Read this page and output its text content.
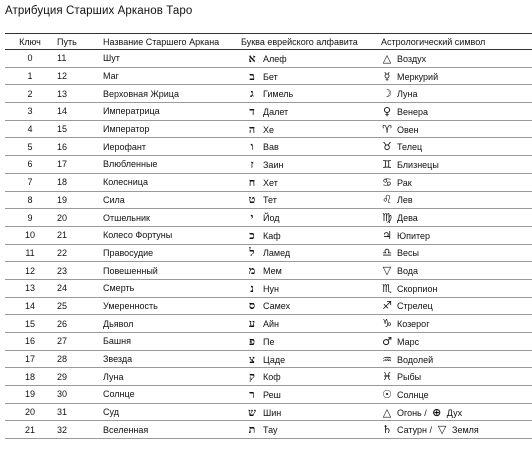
Атрибуция Старших Арканов Таро
Ключ	Путь	Название Старшего Аркана	Буква еврейского алфавита	Астрологический символ
0	11	Шут	א Алеф	△ Воздух
1	12	Маг	ב Бет	☿ Меркурий
2	13	Верховная Жрица	ג Гимель	☽ Луна
3	14	Императрица	ד Далет	♀ Венера
4	15	Император	ה Хе	♈ Овен
5	16	Иерофант	ו Вав	♉ Телец
6	17	Влюбленные	ז Заин	♊ Близнецы
7	18	Колесница	ח Хет	♋ Рак
8	19	Сила	ט Тет	♌ Лев
9	20	Отшельник	י Йод	♍ Дева
10	21	Колесо Фортуны	כ Каф	♃ Юпитер
11	22	Правосудие	ל Ламед	♎ Весы
12	23	Повешенный	מ Мем	▽ Вода
13	24	Смерть	נ Нун	♏ Скорпион
14	25	Умеренность	ס Самех	♐ Стрелец
15	26	Дьявол	ע Айн	♑ Козерог
16	27	Башня	פ Пе	♂ Марс
17	28	Звезда	צ Цаде	♒ Водолей
18	29	Луна	ק Коф	♓ Рыбы
19	30	Солнце	ר Реш	☉ Солнце
20	31	Суд	ש Шин	△ Огонь / ⊕ Дух
21	32	Вселенная	ת Тау	♄ Сатурн / ▽ Земля
